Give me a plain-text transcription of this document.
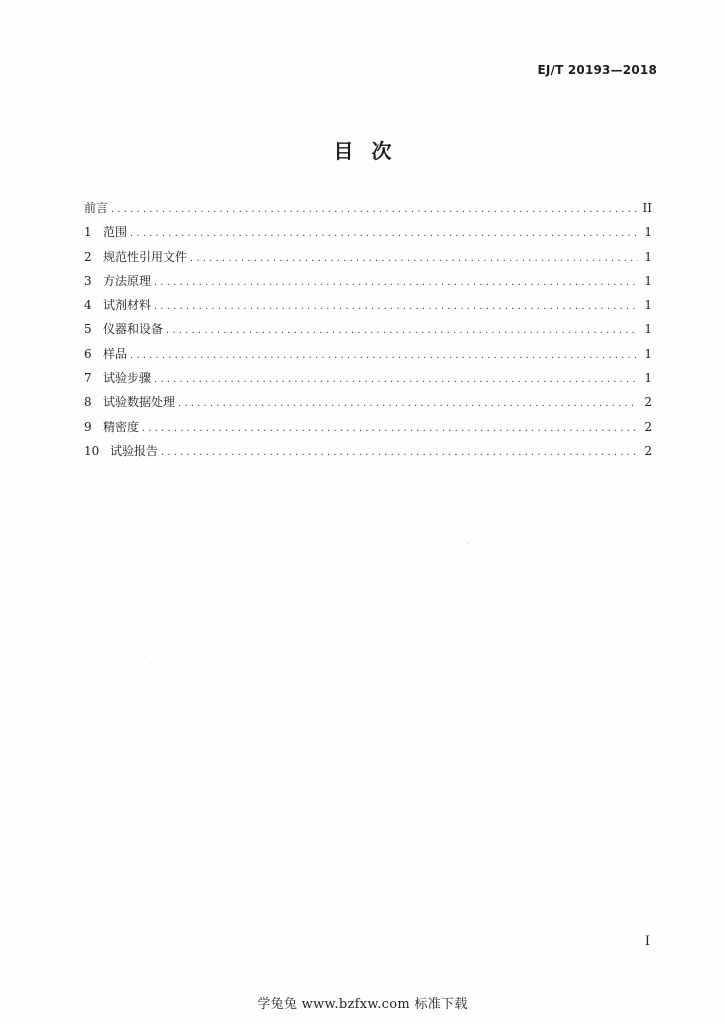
EJ/T 20193—2018
目次
前言 .....	II
1 范围 .....	1
2 规范性引用文件 .....	1
3 方法原理 .....	1
4 试剂材料 .....	1
5 仪器和设备 .....	1
6 样品 .....	1
7 试验步骤 .....	1
8 试验数据处理 .....	2
9 精密度 .....	2
10 试验报告 .....	2
I
学兔兔 www.bzfxw.com 标准下载
